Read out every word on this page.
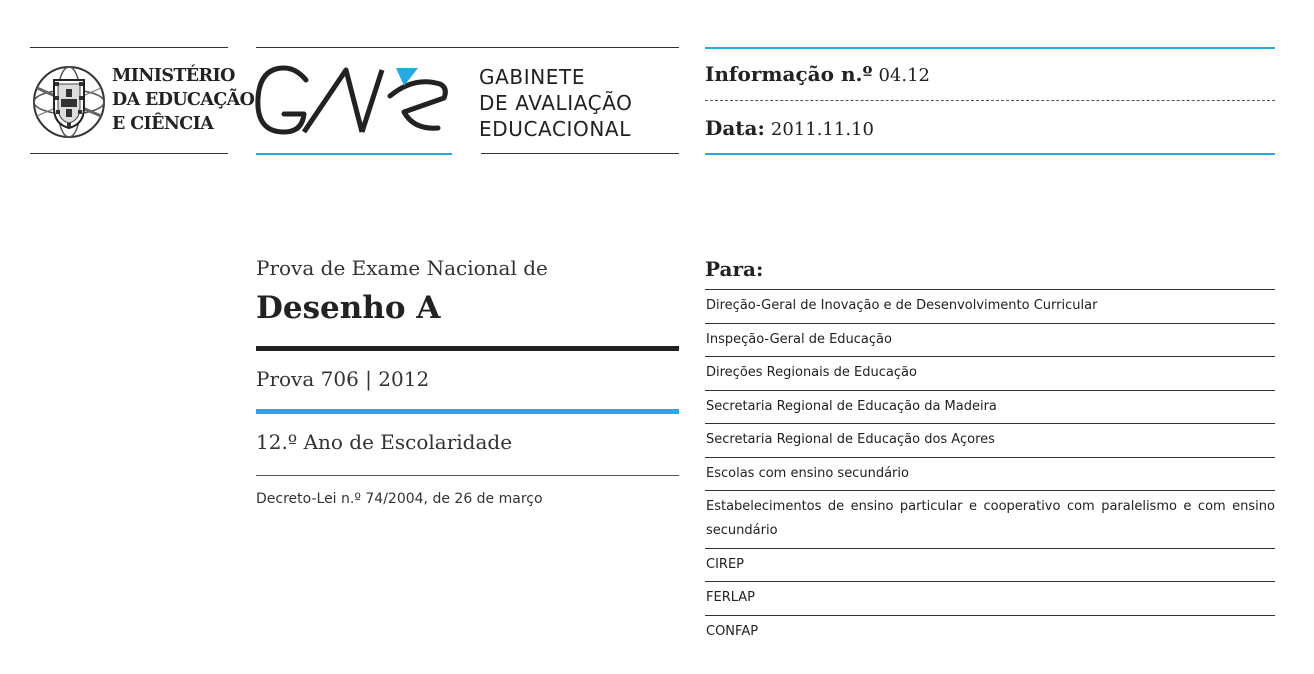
MINISTÉRIO
DA EDUCAÇÃO
E CIÊNCIA
GABINETE
DE AVALIAÇÃO
EDUCACIONAL
Informação n.º 04.12
Data: 2011.11.10
Prova de Exame Nacional de
Desenho A
Prova 706 | 2012
12.º Ano de Escolaridade
Decreto-Lei n.º 74/2004, de 26 de março
Para:
Direção-Geral de Inovação e de Desenvolvimento Curricular
Inspeção-Geral de Educação
Direções Regionais de Educação
Secretaria Regional de Educação da Madeira
Secretaria Regional de Educação dos Açores
Escolas com ensino secundário
Estabelecimentos de ensino particular e cooperativo com paralelismo e com ensino secundário
CIREP
FERLAP
CONFAP
